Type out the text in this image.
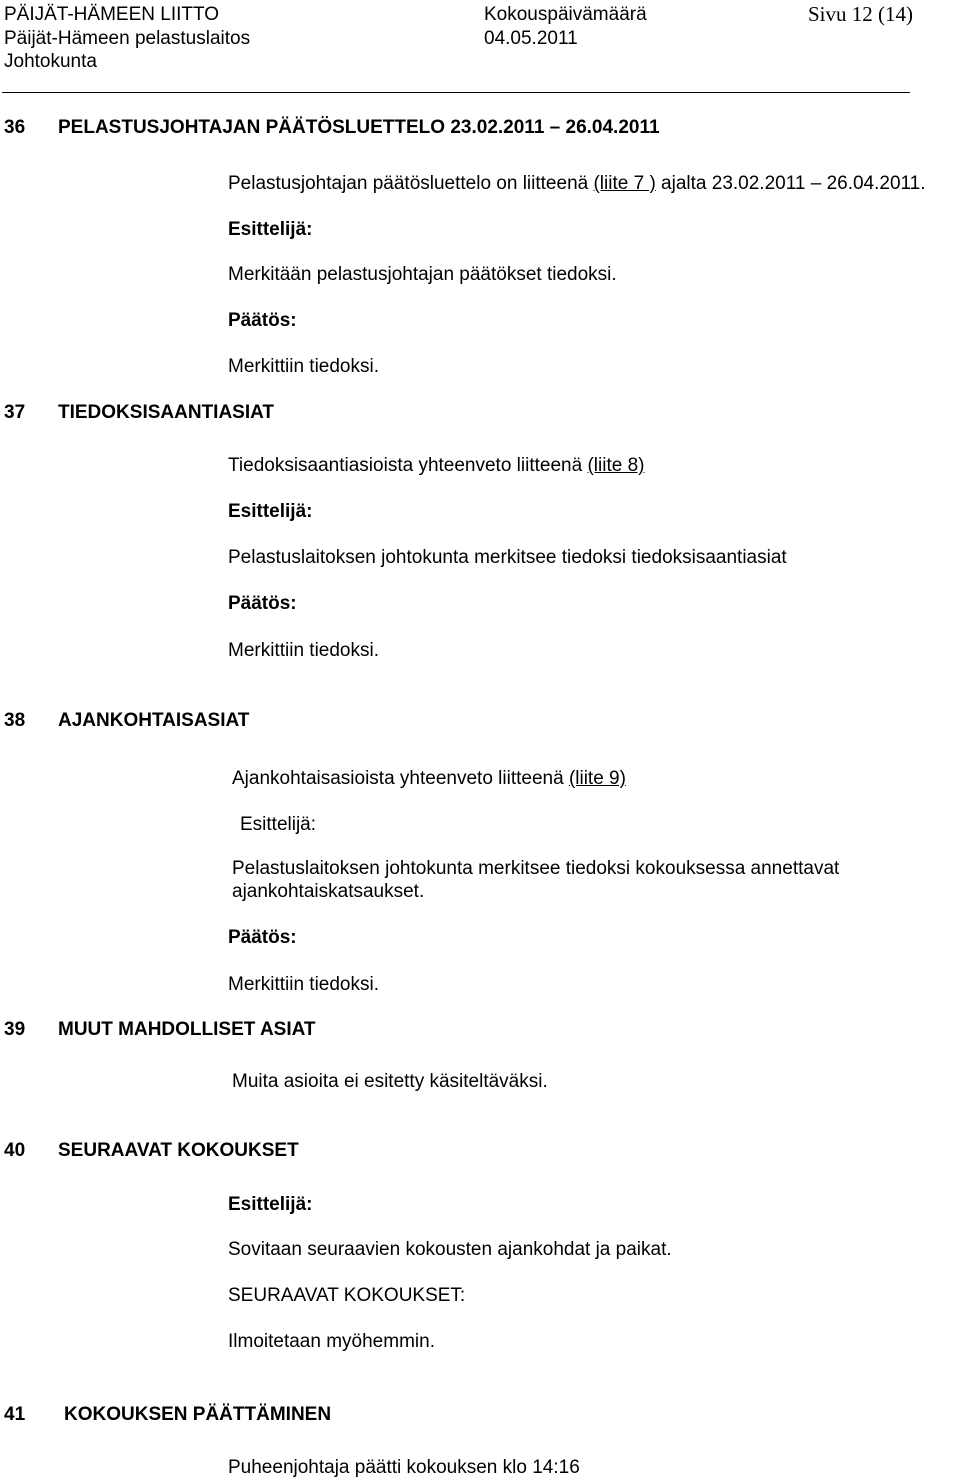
PÄIJÄT-HÄMEEN LIITTO
Päijät-Hämeen pelastuslaitos
Johtokunta
Kokouspäivämäärä
04.05.2011
Sivu 12 (14)
36 PELASTUSJOHTAJAN PÄÄTÖSLUETTELO 23.02.2011 – 26.04.2011
Pelastusjohtajan päätösluettelo on liitteenä (liite 7 ) ajalta 23.02.2011 – 26.04.2011.
Esittelijä:
Merkitään pelastusjohtajan päätökset tiedoksi.
Päätös:
Merkittiin tiedoksi.
37 TIEDOKSISAANTIASIAT
Tiedoksisaantiasioista yhteenveto liitteenä (liite 8)
Esittelijä:
Pelastuslaitoksen johtokunta merkitsee tiedoksi tiedoksisaantiasiat
Päätös:
Merkittiin tiedoksi.
38 AJANKOHTAISASIAT
Ajankohtaisasioista yhteenveto liitteenä (liite 9)
Esittelijä:
Pelastuslaitoksen johtokunta merkitsee tiedoksi kokouksessa annettavat
ajankohtaiskatsaukset.
Päätös:
Merkittiin tiedoksi.
39 MUUT MAHDOLLISET ASIAT
Muita asioita ei esitetty käsiteltäväksi.
40 SEURAAVAT KOKOUKSET
Esittelijä:
Sovitaan seuraavien kokousten ajankohdat ja paikat.
SEURAAVAT KOKOUKSET:
Ilmoitetaan myöhemmin.
41 KOKOUKSEN PÄÄTTÄMINEN
Puheenjohtaja päätti kokouksen klo 14:16
